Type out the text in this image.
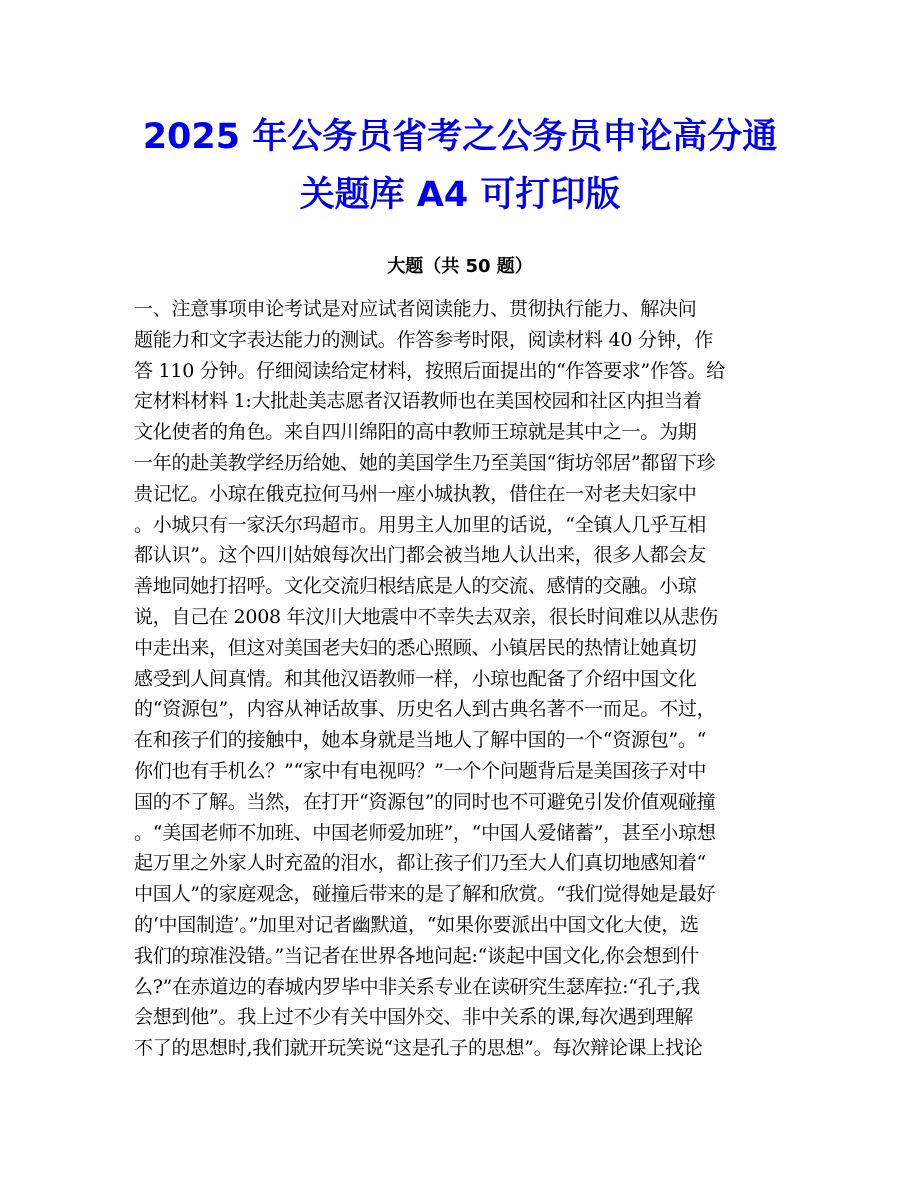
2025 年公务员省考之公务员申论高分通
关题库 A4 可打印版
大题（共 50 题）
一、注意事项申论考试是对应试者阅读能力、贯彻执行能力、解决问
题能力和文字表达能力的测试。作答参考时限，阅读材料 40 分钟，作
答 110 分钟。仔细阅读给定材料，按照后面提出的“作答要求”作答。给
定材料材料 1:大批赴美志愿者汉语教师也在美国校园和社区内担当着
文化使者的角色。来自四川绵阳的高中教师王琼就是其中之一。为期
一年的赴美教学经历给她、她的美国学生乃至美国“街坊邻居”都留下珍
贵记忆。小琼在俄克拉何马州一座小城执教，借住在一对老夫妇家中
。小城只有一家沃尔玛超市。用男主人加里的话说，“全镇人几乎互相
都认识”。这个四川姑娘每次出门都会被当地人认出来，很多人都会友
善地同她打招呼。文化交流归根结底是人的交流、感情的交融。小琼
说，自己在 2008 年汶川大地震中不幸失去双亲，很长时间难以从悲伤
中走出来，但这对美国老夫妇的悉心照顾、小镇居民的热情让她真切
感受到人间真情。和其他汉语教师一样，小琼也配备了介绍中国文化
的“资源包”，内容从神话故事、历史名人到古典名著不一而足。不过，
在和孩子们的接触中，她本身就是当地人了解中国的一个“资源包”。“
你们也有手机么？”“家中有电视吗？”一个个问题背后是美国孩子对中
国的不了解。当然，在打开“资源包”的同时也不可避免引发价值观碰撞
。“美国老师不加班、中国老师爱加班”，“中国人爱储蓄”，甚至小琼想
起万里之外家人时充盈的泪水，都让孩子们乃至大人们真切地感知着“
中国人”的家庭观念，碰撞后带来的是了解和欣赏。“我们觉得她是最好
的‘中国制造’。”加里对记者幽默道，“如果你要派出中国文化大使，选
我们的琼准没错。”当记者在世界各地问起:“谈起中国文化,你会想到什
么?”在赤道边的春城内罗毕中非关系专业在读研究生瑟库拉:“孔子,我
会想到他”。我上过不少有关中国外交、非中关系的课,每次遇到理解
不了的思想时,我们就开玩笑说“这是孔子的思想”。每次辩论课上找论
